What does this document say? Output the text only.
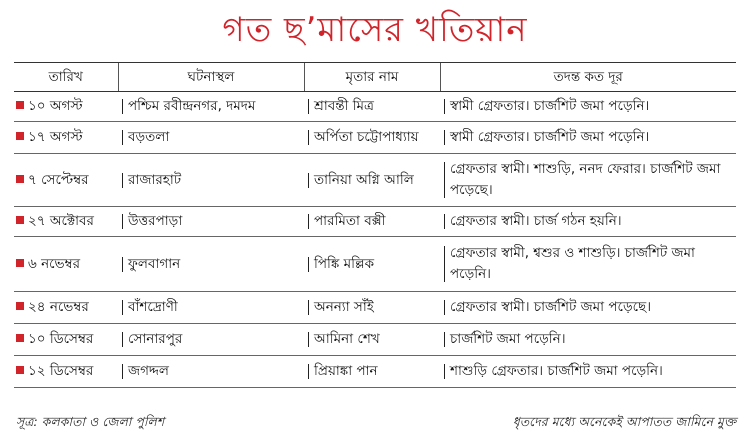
গত ছ’মাসের খতিয়ান
তারিখ	ঘটনাস্থল	মৃতার নাম	তদন্ত কত দূর
১০ অগস্ট	পশ্চিম রবীন্দ্রনগর, দমদম	শ্রাবন্তী মিত্র	স্বামী গ্রেফতার। চার্জশিট জমা পড়েনি।

১৭ অগস্ট	বড়তলা	অর্পিতা চট্টোপাধ্যায়	স্বামী গ্রেফতার। চার্জশিট জমা পড়েনি।

৭ সেপ্টেম্বর	রাজারহাট	তানিয়া অগ্নি আলি	গ্রেফতার স্বামী। শাশুড়ি, ননদ ফেরার। চার্জশিট জমা পড়েছে।

২৭ অক্টোবর	উত্তরপাড়া	পারমিতা বক্সী	গ্রেফতার স্বামী। চার্জ গঠন হয়নি।

৬ নভেম্বর	ফুলবাগান	পিঙ্কি মল্লিক	গ্রেফতার স্বামী, শ্বশুর ও শাশুড়ি। চার্জশিট জমা পড়েনি।

২৪ নভেম্বর	বাঁশদ্রোণী	অনন্যা সাঁই	গ্রেফতার স্বামী। চার্জশিট জমা পড়েছে।

১০ ডিসেম্বর	সোনারপুর	আমিনা শেখ	চার্জশিট জমা পড়েনি।

১২ ডিসেম্বর	জগদ্দল	প্রিয়াঙ্কা পান	শাশুড়ি গ্রেফতার। চার্জশিট জমা পড়েনি।
সূত্র: কলকাতা ও জেলা পুলিশ	ধৃতদের মধ্যে অনেকেই আপাতত জামিনে মুক্ত
